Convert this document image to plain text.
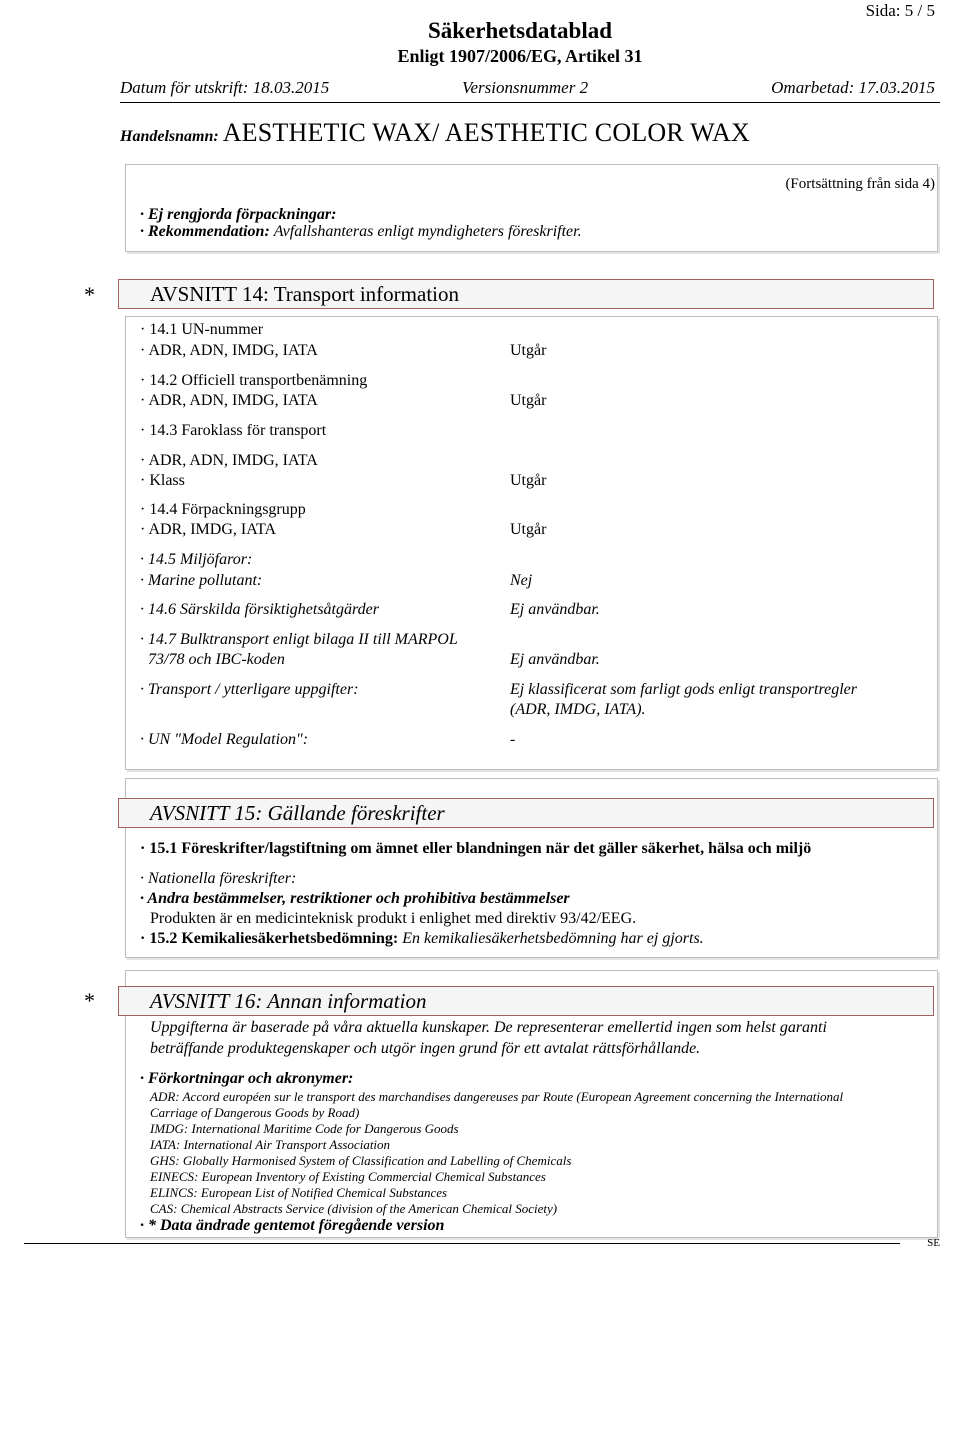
Sida: 5 / 5
Säkerhetsdatablad
Enligt 1907/2006/EG, Artikel 31
Datum för utskrift: 18.03.2015	Versionsnummer 2	Omarbetad: 17.03.2015
Handelsnamn: AESTHETIC WAX/ AESTHETIC COLOR WAX
(Fortsättning från sida 4)
· Ej rengjorda förpackningar:
· Rekommendation: Avfallshanteras enligt myndigheters föreskrifter.
*	AVSNITT 14: Transport information
· 14.1 UN-nummer
· ADR, ADN, IMDG, IATA	Utgår
· 14.2 Officiell transportbenämning
· ADR, ADN, IMDG, IATA	Utgår
· 14.3 Faroklass för transport
· ADR, ADN, IMDG, IATA
· Klass	Utgår
· 14.4 Förpackningsgrupp
· ADR, IMDG, IATA	Utgår
· 14.5 Miljöfaror:
· Marine pollutant:	Nej
· 14.6 Särskilda försiktighetsåtgärder	Ej användbar.
· 14.7 Bulktransport enligt bilaga II till MARPOL
73/78 och IBC-koden	Ej användbar.
· Transport / ytterligare uppgifter:	Ej klassificerat som farligt gods enligt transportregler
(ADR, IMDG, IATA).
· UN "Model Regulation":	-
AVSNITT 15: Gällande föreskrifter
· 15.1 Föreskrifter/lagstiftning om ämnet eller blandningen när det gäller säkerhet, hälsa och miljö
· Nationella föreskrifter:
· Andra bestämmelser, restriktioner och prohibitiva bestämmelser
Produkten är en medicinteknisk produkt i enlighet med direktiv 93/42/EEG.
· 15.2 Kemikaliesäkerhetsbedömning: En kemikaliesäkerhetsbedömning har ej gjorts.
*	AVSNITT 16: Annan information
Uppgifterna är baserade på våra aktuella kunskaper. De representerar emellertid ingen som helst garanti
beträffande produktegenskaper och utgör ingen grund för ett avtalat rättsförhållande.
· Förkortningar och akronymer:
ADR: Accord européen sur le transport des marchandises dangereuses par Route (European Agreement concerning the International
Carriage of Dangerous Goods by Road)
IMDG: International Maritime Code for Dangerous Goods
IATA: International Air Transport Association
GHS: Globally Harmonised System of Classification and Labelling of Chemicals
EINECS: European Inventory of Existing Commercial Chemical Substances
ELINCS: European List of Notified Chemical Substances
CAS: Chemical Abstracts Service (division of the American Chemical Society)
· * Data ändrade gentemot föregående version
SE
